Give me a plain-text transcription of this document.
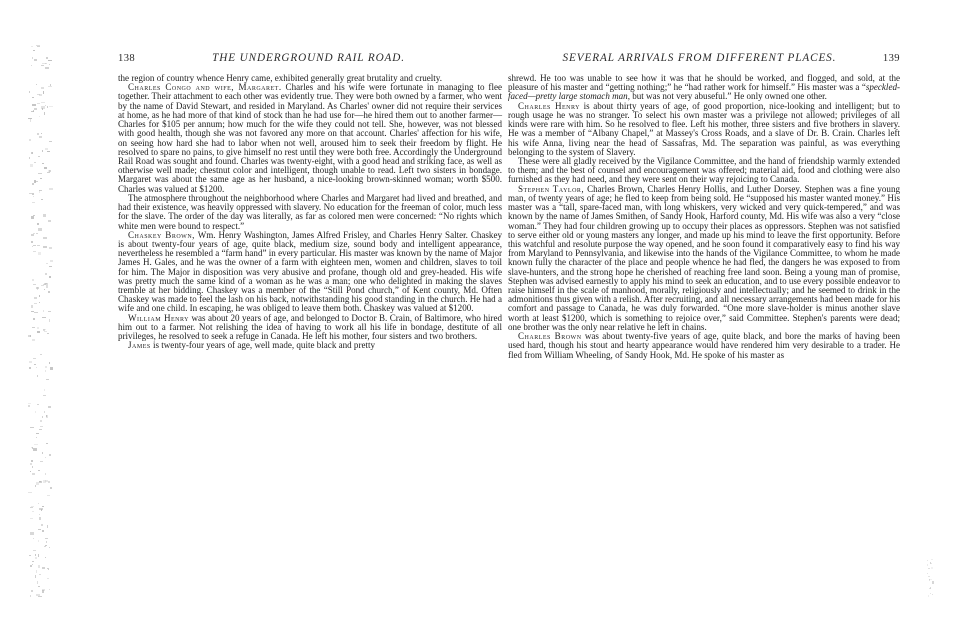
138	THE UNDERGROUND RAIL ROAD.	SEVERAL ARRIVALS FROM DIFFERENT PLACES.	139

the region of country whence Henry came, exhibited generally great brutality and cruelty.

Charles Congo and wife, Margaret. Charles and his wife were fortunate in managing to flee together. Their attachment to each other was evidently true. They were both owned by a farmer, who went by the name of David Stewart, and resided in Maryland. As Charles' owner did not require their services at home, as he had more of that kind of stock than he had use for—he hired them out to another farmer—Charles for $105 per annum; how much for the wife they could not tell. She, however, was not blessed with good health, though she was not favored any more on that account. Charles' affection for his wife, on seeing how hard she had to labor when not well, aroused him to seek their freedom by flight. He resolved to spare no pains, to give himself no rest until they were both free. Accordingly the Underground Rail Road was sought and found. Charles was twenty-eight, with a good head and striking face, as well as otherwise well made; chestnut color and intelligent, though unable to read. Left two sisters in bondage. Margaret was about the same age as her husband, a nice-looking brown-skinned woman; worth $500. Charles was valued at $1200.

The atmosphere throughout the neighborhood where Charles and Margaret had lived and breathed, and had their existence, was heavily oppressed with slavery. No education for the freeman of color, much less for the slave. The order of the day was literally, as far as colored men were concerned: “No rights which white men were bound to respect.”

Chaskey Brown, Wm. Henry Washington, James Alfred Frisley, and Charles Henry Salter. Chaskey is about twenty-four years of age, quite black, medium size, sound body and intelligent appearance, nevertheless he resembled a “farm hand” in every particular. His master was known by the name of Major James H. Gales, and he was the owner of a farm with eighteen men, women and children, slaves to toil for him. The Major in disposition was very abusive and profane, though old and grey-headed. His wife was pretty much the same kind of a woman as he was a man; one who delighted in making the slaves tremble at her bidding. Chaskey was a member of the “Still Pond church,” of Kent county, Md. Often Chaskey was made to feel the lash on his back, notwithstanding his good standing in the church. He had a wife and one child. In escaping, he was obliged to leave them both. Chaskey was valued at $1200.

William Henry was about 20 years of age, and belonged to Doctor B. Crain, of Baltimore, who hired him out to a farmer. Not relishing the idea of having to work all his life in bondage, destitute of all privileges, he resolved to seek a refuge in Canada. He left his mother, four sisters and two brothers.

James is twenty-four years of age, well made, quite black and pretty

shrewd. He too was unable to see how it was that he should be worked, and flogged, and sold, at the pleasure of his master and “getting nothing;” he “had rather work for himself.” His master was a “speckled-faced—pretty large stomach man, but was not very abuseful.” He only owned one other.

Charles Henry is about thirty years of age, of good proportion, nice-looking and intelligent; but to rough usage he was no stranger. To select his own master was a privilege not allowed; privileges of all kinds were rare with him. So he resolved to flee. Left his mother, three sisters and five brothers in slavery. He was a member of “Albany Chapel,” at Massey's Cross Roads, and a slave of Dr. B. Crain. Charles left his wife Anna, living near the head of Sassafras, Md. The separation was painful, as was everything belonging to the system of Slavery.

These were all gladly received by the Vigilance Committee, and the hand of friendship warmly extended to them; and the best of counsel and encouragement was offered; material aid, food and clothing were also furnished as they had need, and they were sent on their way rejoicing to Canada.

Stephen Taylor, Charles Brown, Charles Henry Hollis, and Luther Dorsey. Stephen was a fine young man, of twenty years of age; he fled to keep from being sold. He “supposed his master wanted money.” His master was a “tall, spare-faced man, with long whiskers, very wicked and very quick-tempered,” and was known by the name of James Smithen, of Sandy Hook, Harford county, Md. His wife was also a very “close woman.” They had four children growing up to occupy their places as oppressors. Stephen was not satisfied to serve either old or young masters any longer, and made up his mind to leave the first opportunity. Before this watchful and resolute purpose the way opened, and he soon found it comparatively easy to find his way from Maryland to Pennsylvania, and likewise into the hands of the Vigilance Committee, to whom he made known fully the character of the place and people whence he had fled, the dangers he was exposed to from slave-hunters, and the strong hope he cherished of reaching free land soon. Being a young man of promise, Stephen was advised earnestly to apply his mind to seek an education, and to use every possible endeavor to raise himself in the scale of manhood, morally, religiously and intellectually; and he seemed to drink in the admonitions thus given with a relish. After recruiting, and all necessary arrangements had been made for his comfort and passage to Canada, he was duly forwarded. “One more slave-holder is minus another slave worth at least $1200, which is something to rejoice over,” said Committee. Stephen's parents were dead; one brother was the only near relative he left in chains.

Charles Brown was about twenty-five years of age, quite black, and bore the marks of having been used hard, though his stout and hearty appearance would have rendered him very desirable to a trader. He fled from William Wheeling, of Sandy Hook, Md. He spoke of his master as
